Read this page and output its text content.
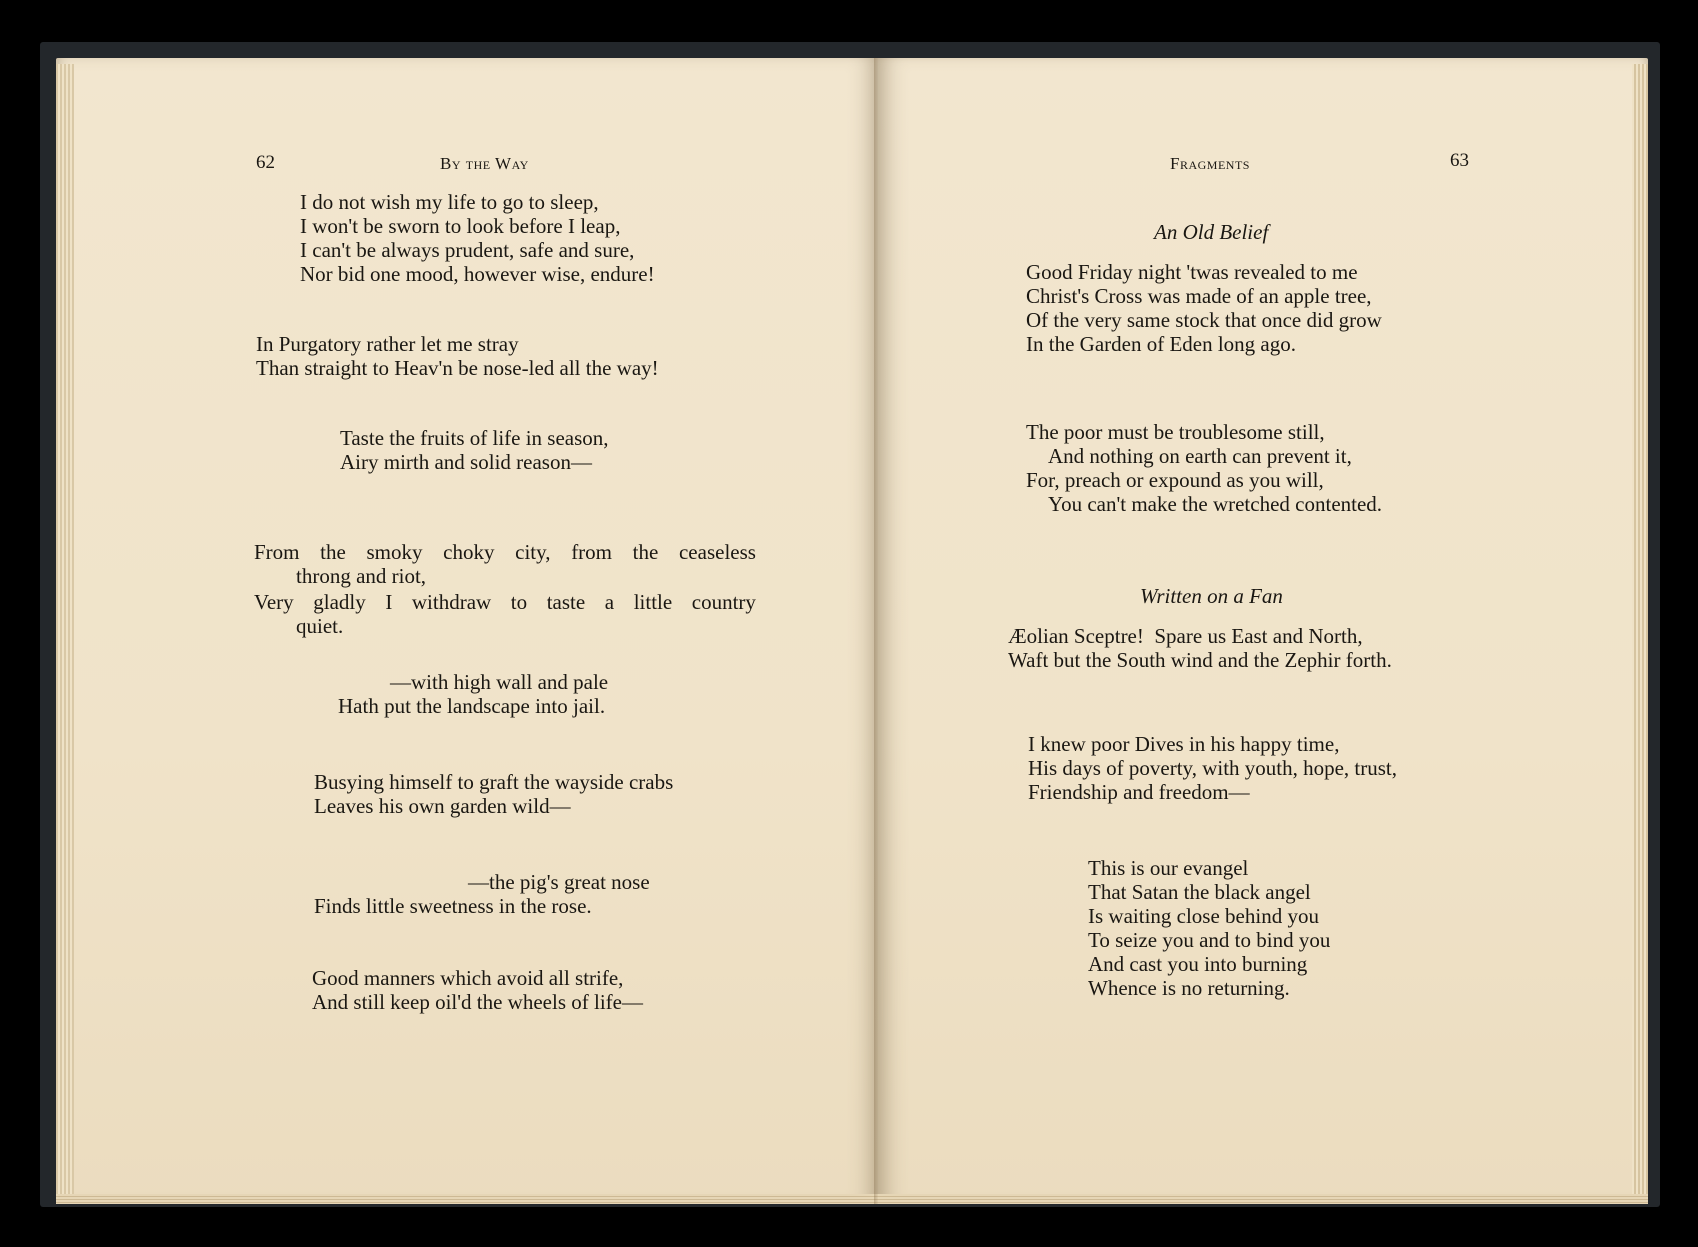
62	By the Way
I do not wish my life to go to sleep,
I won't be sworn to look before I leap,
I can't be always prudent, safe and sure,
Nor bid one mood, however wise, endure!
In Purgatory rather let me stray
Than straight to Heav'n be nose-led all the way!
Taste the fruits of life in season,
Airy mirth and solid reason—
From the smoky choky city, from the ceaseless
throng and riot,
Very gladly I withdraw to taste a little country
quiet.
—with high wall and pale
Hath put the landscape into jail.
Busying himself to graft the wayside crabs
Leaves his own garden wild—
—the pig's great nose
Finds little sweetness in the rose.
Good manners which avoid all strife,
And still keep oil'd the wheels of life—
Fragments	63
An Old Belief
Good Friday night 'twas revealed to me
Christ's Cross was made of an apple tree,
Of the very same stock that once did grow
In the Garden of Eden long ago.
The poor must be troublesome still,
And nothing on earth can prevent it,
For, preach or expound as you will,
You can't make the wretched contented.
Written on a Fan
Æolian Sceptre!  Spare us East and North,
Waft but the South wind and the Zephir forth.
I knew poor Dives in his happy time,
His days of poverty, with youth, hope, trust,
Friendship and freedom—
This is our evangel
That Satan the black angel
Is waiting close behind you
To seize you and to bind you
And cast you into burning
Whence is no returning.
